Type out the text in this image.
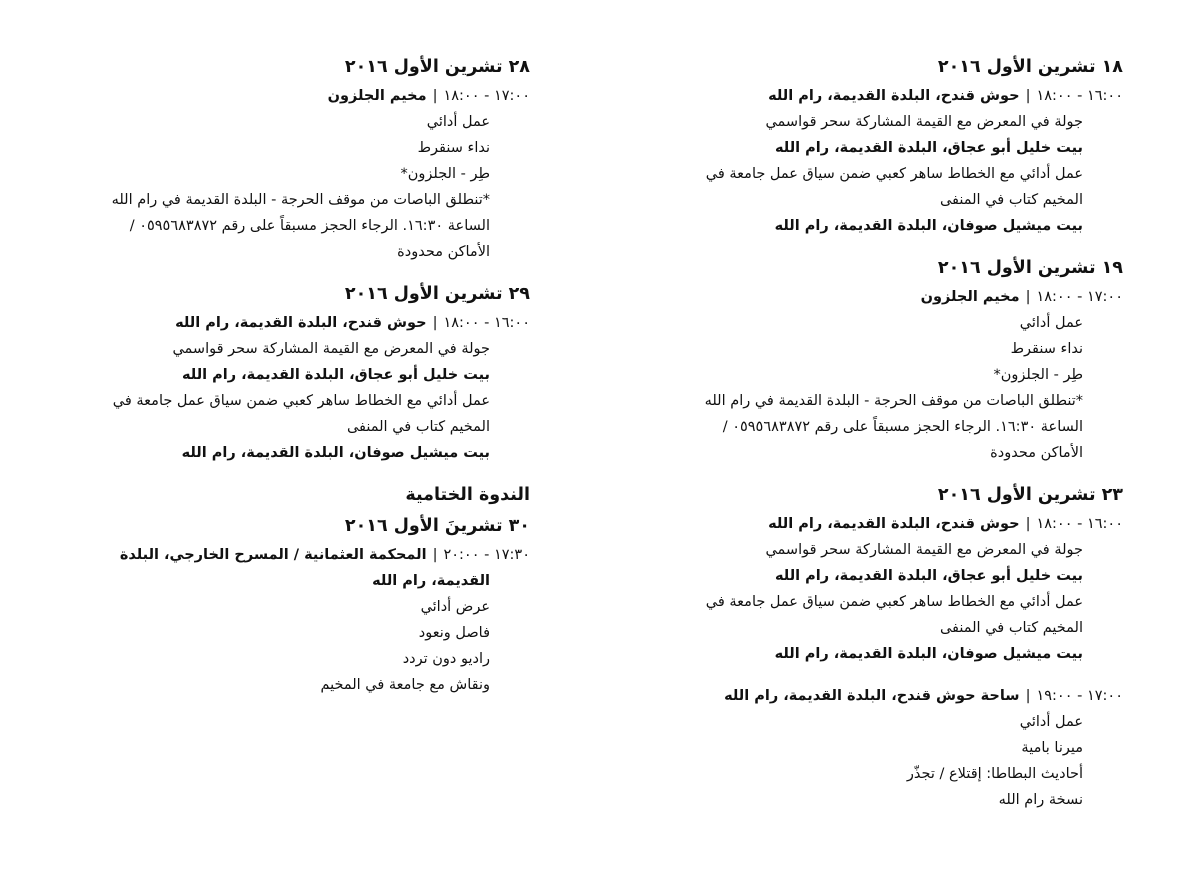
١٨ تشرين الأول ٢٠١٦
١٦:٠٠ - ١٨:٠٠|حوش قندح، البلدة القديمة، رام الله
جولة في المعرض مع القيمة المشاركة سحر قواسمي
بيت خليل أبو عجاق، البلدة القديمة، رام الله
عمل أدائي مع الخطاط ساهر كعبي ضمن سياق عمل جامعة في
المخيم كتاب في المنفى
بيت ميشيل صوفان، البلدة القديمة، رام الله
١٩ تشرين الأول ٢٠١٦
١٧:٠٠ - ١٨:٠٠|مخيم الجلزون
عمل أدائي
نداء سنقرط
طِر - الجلزون*
*تنطلق الباصات من موقف الحرجة - البلدة القديمة في رام الله
الساعة ١٦:٣٠. الرجاء الحجز مسبقاً على رقم ٠٥٩٥٦٨٣٨٧٢ /
الأماكن محدودة
٢٣ تشرين الأول ٢٠١٦
١٦:٠٠ - ١٨:٠٠|حوش قندح، البلدة القديمة، رام الله
جولة في المعرض مع القيمة المشاركة سحر قواسمي
بيت خليل أبو عجاق، البلدة القديمة، رام الله
عمل أدائي مع الخطاط ساهر كعبي ضمن سياق عمل جامعة في
المخيم كتاب في المنفى
بيت ميشيل صوفان، البلدة القديمة، رام الله
١٧:٠٠ - ١٩:٠٠|ساحة حوش قندح، البلدة القديمة، رام الله
عمل أدائي
ميرنا بامية
أحاديث البطاطا: إقتلاع / تجذّر
نسخة رام الله
٢٨ تشرين الأول ٢٠١٦
١٧:٠٠ - ١٨:٠٠|مخيم الجلزون
عمل أدائي
نداء سنقرط
طِر - الجلزون*
*تنطلق الباصات من موقف الحرجة - البلدة القديمة في رام الله
الساعة ١٦:٣٠. الرجاء الحجز مسبقاً على رقم ٠٥٩٥٦٨٣٨٧٢ /
الأماكن محدودة
٢٩ تشرين الأول ٢٠١٦
١٦:٠٠ - ١٨:٠٠|حوش قندح، البلدة القديمة، رام الله
جولة في المعرض مع القيمة المشاركة سحر قواسمي
بيت خليل أبو عجاق، البلدة القديمة، رام الله
عمل أدائي مع الخطاط ساهر كعبي ضمن سياق عمل جامعة في
المخيم كتاب في المنفى
بيت ميشيل صوفان، البلدة القديمة، رام الله
الندوة الختامية
٣٠ تشرينَ الأول ٢٠١٦
١٧:٣٠ - ٢٠:٠٠|المحكمة العثمانية / المسرح الخارجي، البلدة
القديمة، رام الله
عرض أدائي
فاصل ونعود
راديو دون تردد
ونقاش مع جامعة في المخيم
